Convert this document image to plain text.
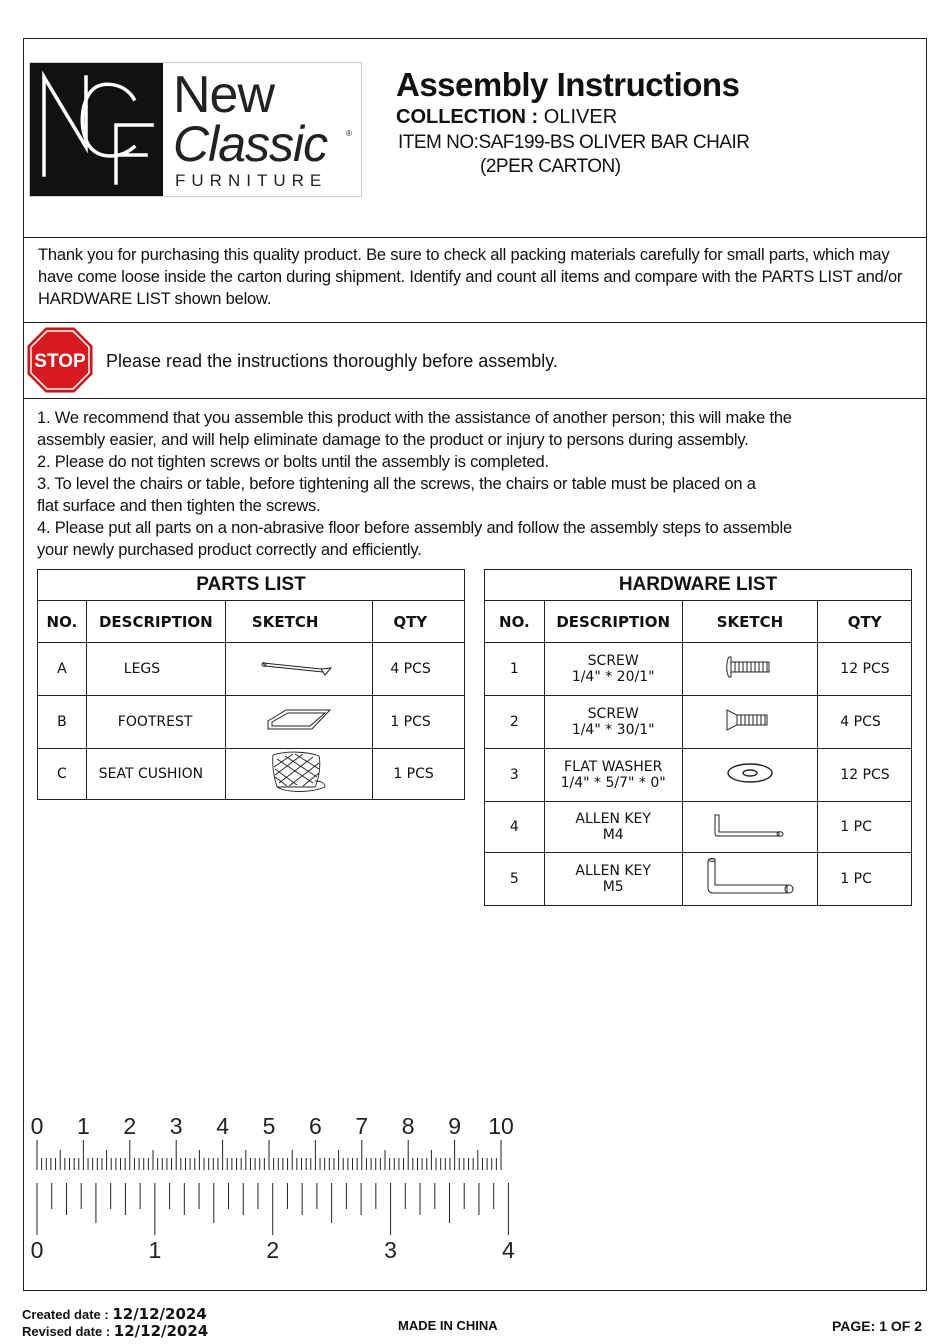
New
Classic ®
FURNITURE
Assembly Instructions
COLLECTION : OLIVER
ITEM NO:SAF199-BS OLIVER BAR CHAIR
(2PER CARTON)
Thank you for purchasing this quality product. Be sure to check all packing materials carefully for small parts, which may have come loose inside the carton during shipment. Identify and count all items and compare with the PARTS LIST and/or HARDWARE LIST shown below.
STOP Please read the instructions thoroughly before assembly.
1. We recommend that you assemble this product with the assistance of another person; this will make the
assembly easier, and will help eliminate damage to the product or injury to persons during assembly.
2. Please do not tighten screws or bolts until the assembly is completed.
3. To level the chairs or table, before tightening all the screws, the chairs or table must be placed on a
flat surface and then tighten the screws.
4. Please put all parts on a non-abrasive floor before assembly and follow the assembly steps to assemble
your newly purchased product correctly and efficiently.
PARTS LIST			
NO.	DESCRIPTION	SKETCH	QTY
A	LEGS		4 PCS
B	FOOTREST		1 PCS
C	SEAT CUSHION		1 PCS
HARDWARE LIST			
NO.	DESCRIPTION	SKETCH	QTY
1	SCREW
1/4" * 20/1"		12 PCS
2	SCREW
1/4" * 30/1"		4 PCS
3	FLAT WASHER
1/4" * 5/7" * 0"		12 PCS
4	ALLEN KEY
M4		1 PC
5	ALLEN KEY
M5		1 PC
0 1 2 3 4 5 6 7 8 9 10
0	1	2	3	4
Created date : 12/12/2024
Revised date : 12/12/2024	MADE IN CHINA	PAGE: 1 OF 2
